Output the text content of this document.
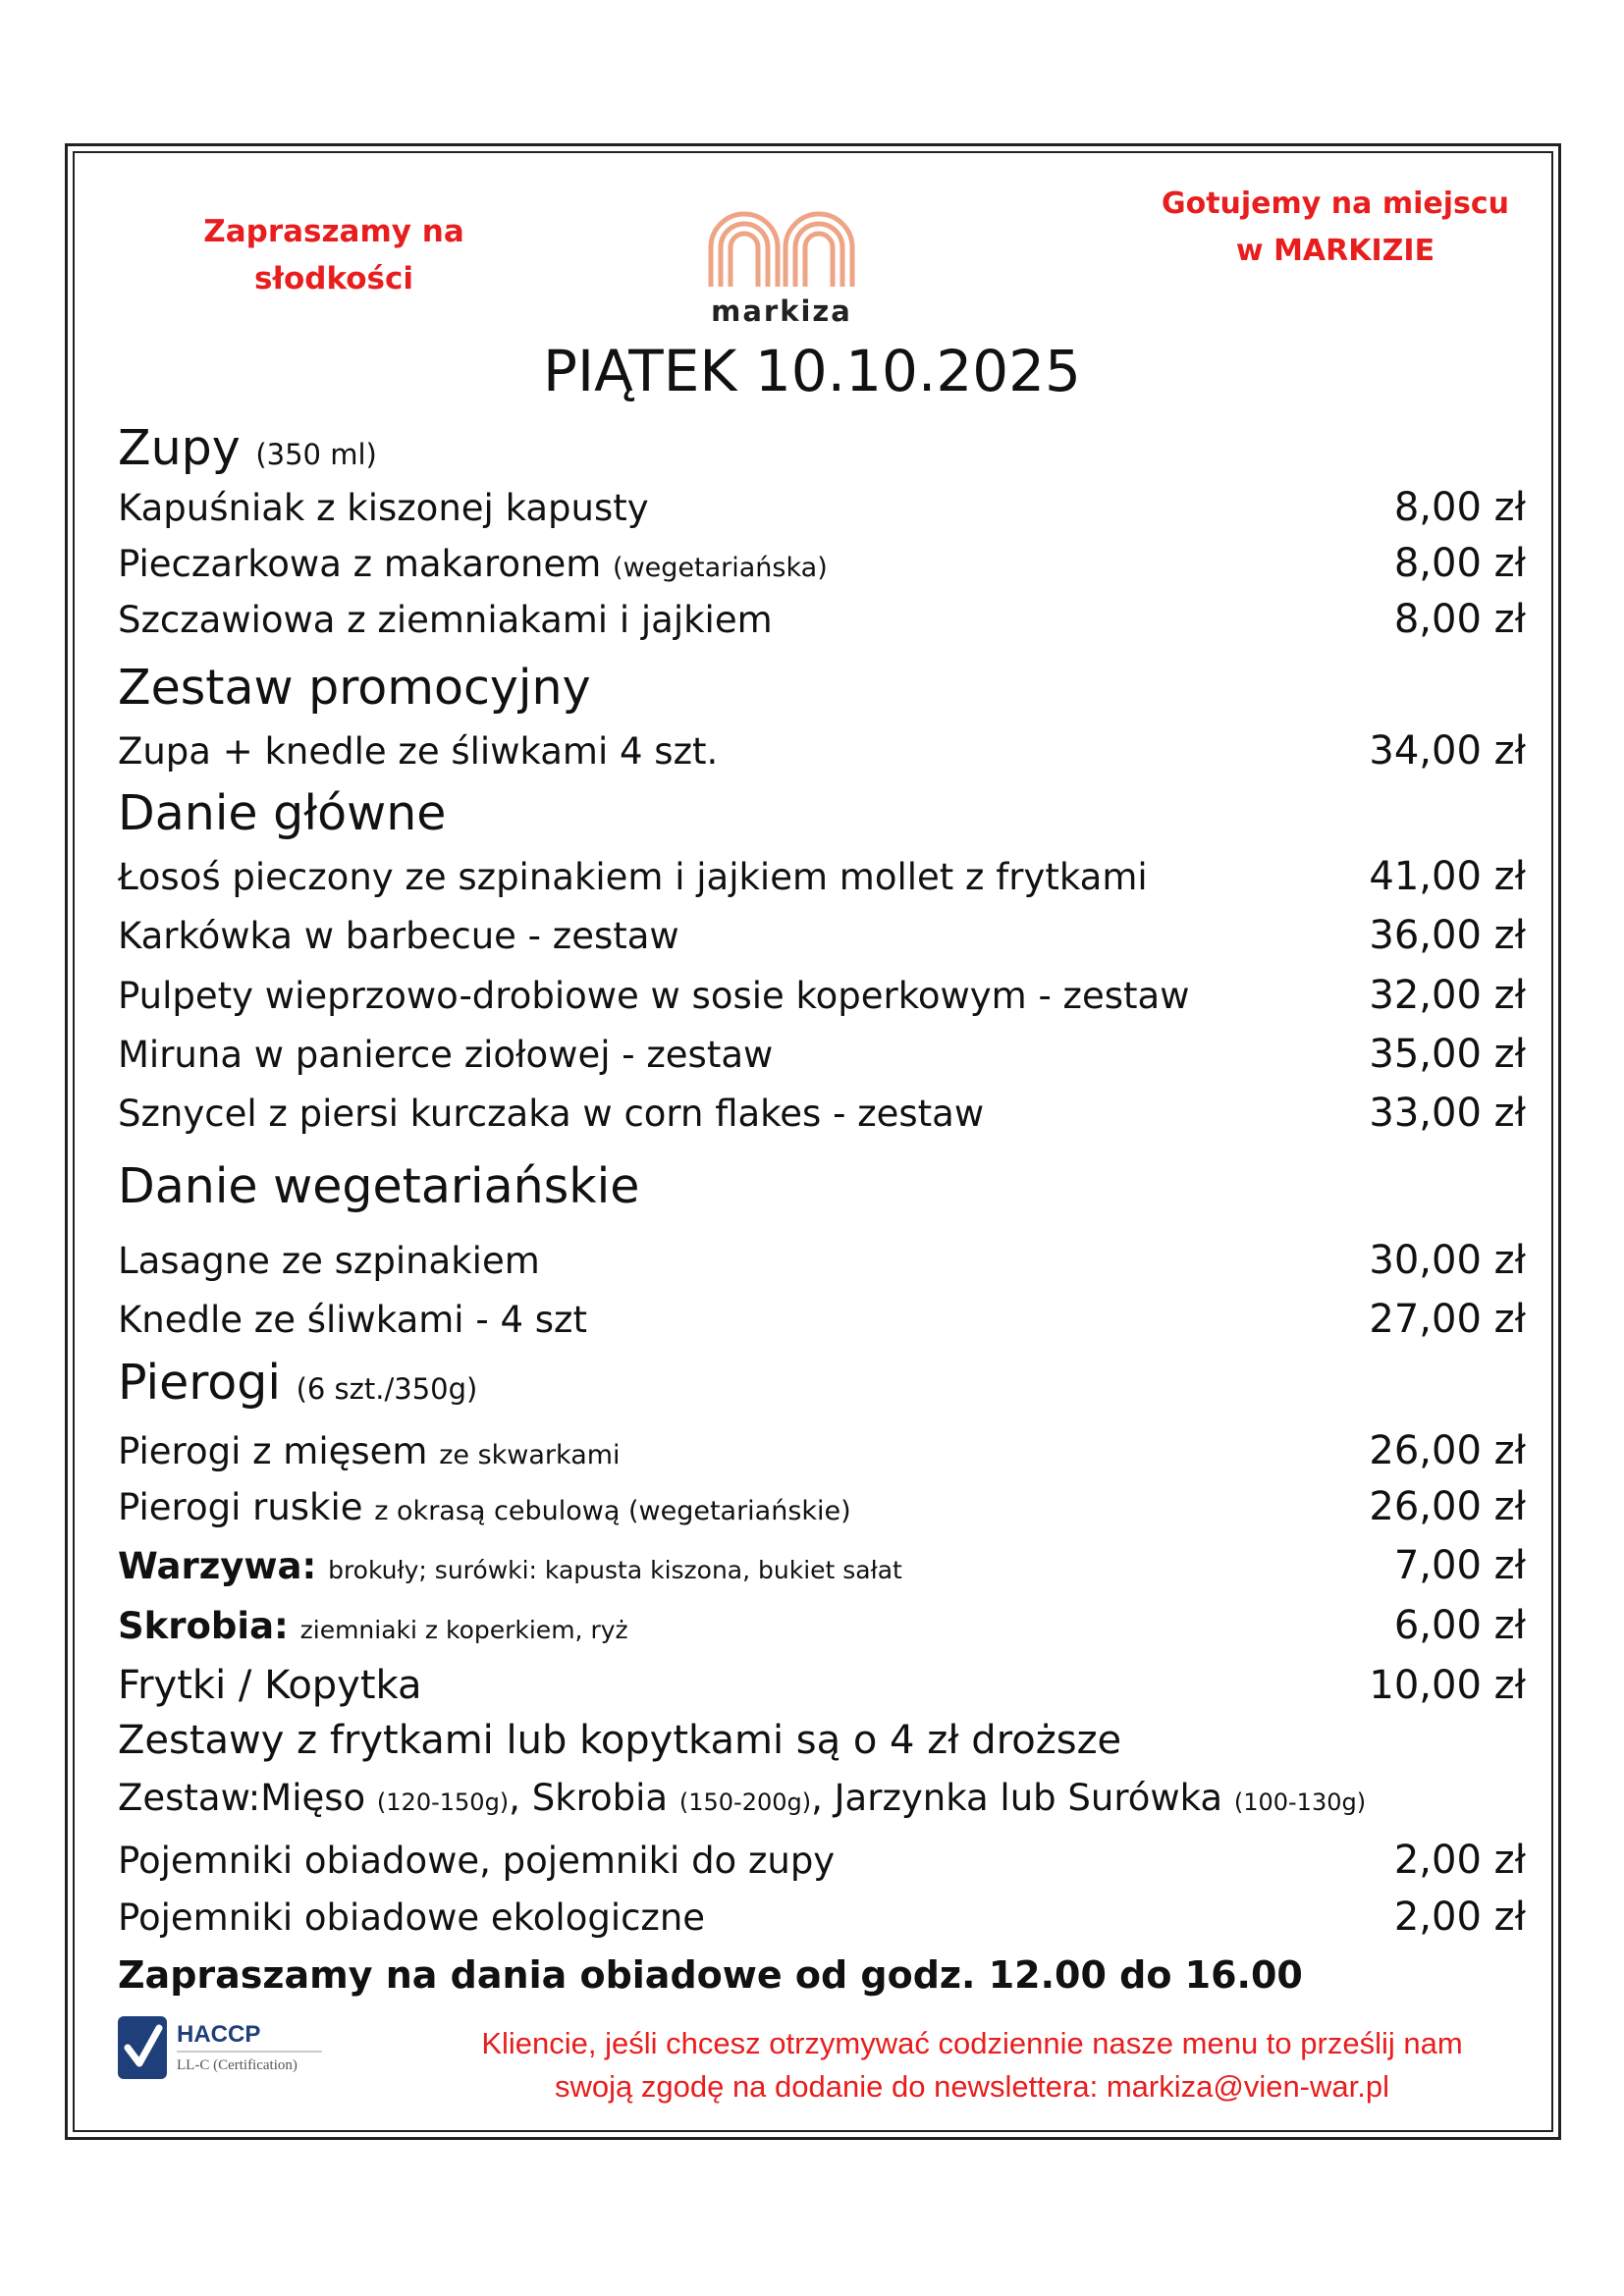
Zapraszamy na
słodkości
Gotujemy na miejscu
w MARKIZIE
markiza
PIĄTEK 10.10.2025
Zupy (350 ml)
Kapuśniak z kiszonej kapusty	8,00 zł
Pieczarkowa z makaronem (wegetariańska)	8,00 zł
Szczawiowa z ziemniakami i jajkiem	8,00 zł
Zestaw promocyjny
Zupa + knedle ze śliwkami 4 szt.	34,00 zł
Danie główne
Łosoś pieczony ze szpinakiem i jajkiem mollet z frytkami	41,00 zł
Karkówka w barbecue - zestaw	36,00 zł
Pulpety wieprzowo-drobiowe w sosie koperkowym - zestaw	32,00 zł
Miruna w panierce ziołowej - zestaw	35,00 zł
Sznycel z piersi kurczaka w corn flakes - zestaw	33,00 zł
Danie wegetariańskie
Lasagne ze szpinakiem	30,00 zł
Knedle ze śliwkami - 4 szt	27,00 zł
Pierogi (6 szt./350g)
Pierogi z mięsem ze skwarkami	26,00 zł
Pierogi ruskie z okrasą cebulową (wegetariańskie)	26,00 zł
Warzywa: brokuły; surówki: kapusta kiszona, bukiet sałat	7,00 zł
Skrobia: ziemniaki z koperkiem, ryż	6,00 zł
Frytki / Kopytka	10,00 zł
Zestawy z frytkami lub kopytkami są o 4 zł droższe
Zestaw:Mięso (120-150g), Skrobia (150-200g), Jarzynka lub Surówka (100-130g)
Pojemniki obiadowe, pojemniki do zupy	2,00 zł
Pojemniki obiadowe ekologiczne	2,00 zł
Zapraszamy na dania obiadowe od godz. 12.00 do 16.00
HACCP
LL-C (Certification)
Kliencie, jeśli chcesz otrzymywać codziennie nasze menu to prześlij nam
swoją zgodę na dodanie do newslettera: markiza@vien-war.pl
